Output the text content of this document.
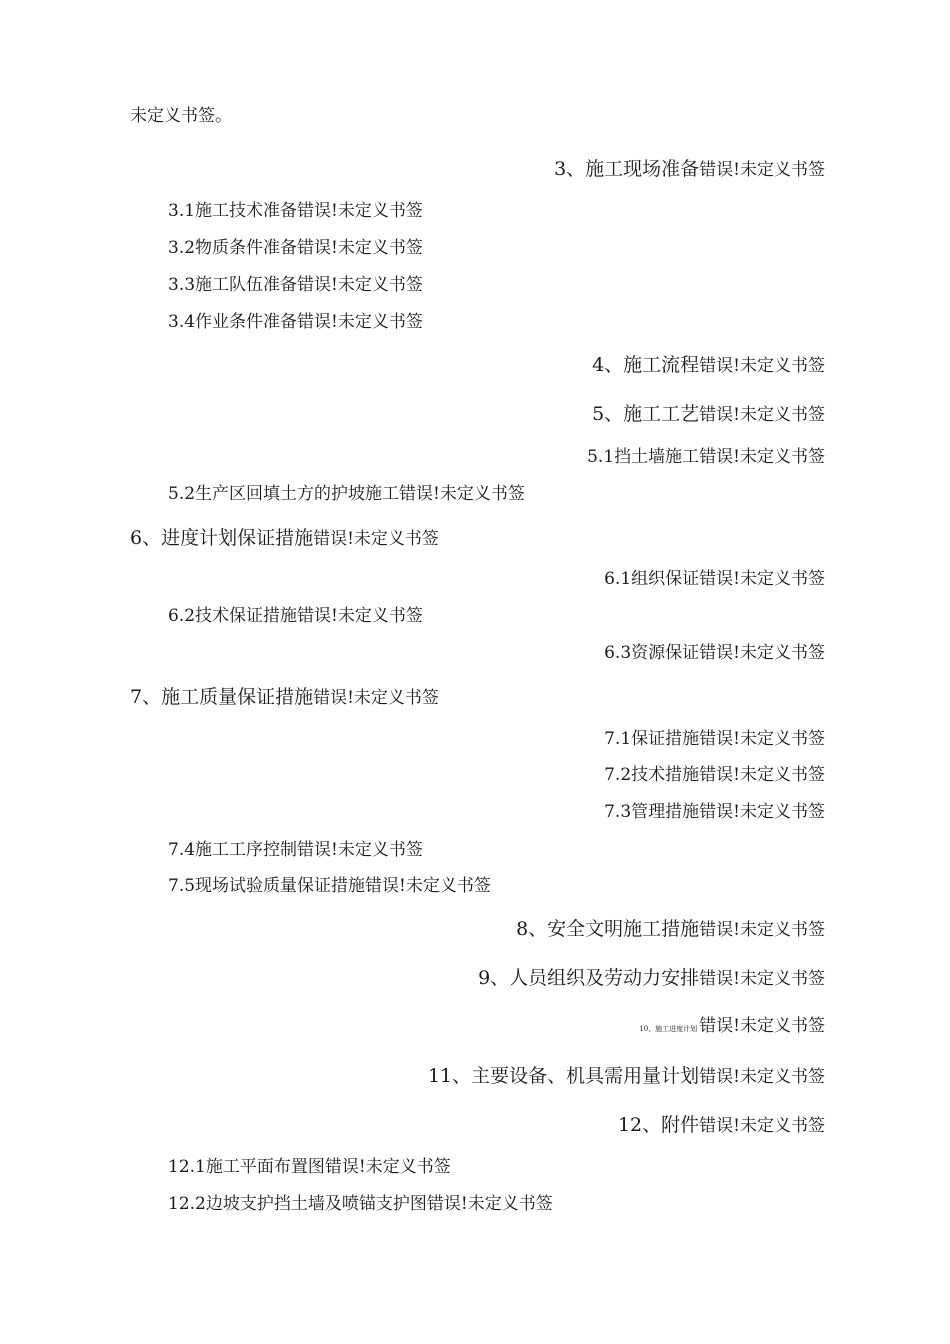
未定义书签。
3、施工现场准备 错误!未定义书签
3.1施工技术准备 错误!未定义书签
3.2物质条件准备 错误!未定义书签
3.3施工队伍准备 错误!未定义书签
3.4作业条件准备 错误!未定义书签
4、施工流程 错误!未定义书签
5、施工工艺 错误!未定义书签
5.1挡土墙施工 错误!未定义书签
5.2生产区回填土方的护坡施工 错误!未定义书签
6、进度计划保证措施 错误!未定义书签
6.1组织保证 错误!未定义书签
6.2技术保证措施 错误!未定义书签
6.3资源保证 错误!未定义书签
7、施工质量保证措施 错误!未定义书签
7.1保证措施 错误!未定义书签
7.2技术措施 错误!未定义书签
7.3管理措施 错误!未定义书签
7.4施工工序控制 错误!未定义书签
7.5现场试验质量保证措施 错误!未定义书签
8、安全文明施工措施 错误!未定义书签
9、人员组织及劳动力安排 错误!未定义书签
10、施工进度计划 错误!未定义书签
11、主要设备、机具需用量计划 错误!未定义书签
12、附件 错误!未定义书签
12.1施工平面布置图 错误!未定义书签
12.2边坡支护挡土墙及喷锚支护图 错误!未定义书签
